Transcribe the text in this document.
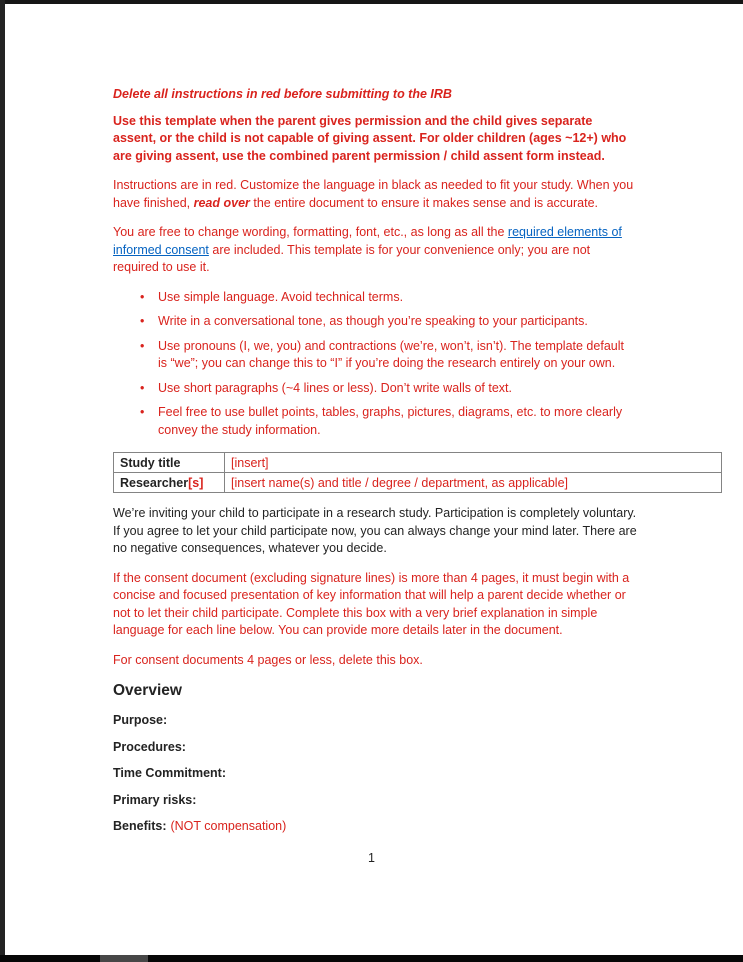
Delete all instructions in red before submitting to the IRB

Use this template when the parent gives permission and the child gives separate assent, or the child is not capable of giving assent. For older children (ages ~12+) who are giving assent, use the combined parent permission / child assent form instead.

Instructions are in red. Customize the language in black as needed to fit your study. When you have finished, read over the entire document to ensure it makes sense and is accurate.

You are free to change wording, formatting, font, etc., as long as all the required elements of informed consent are included. This template is for your convenience only; you are not required to use it.

• Use simple language. Avoid technical terms.
• Write in a conversational tone, as though you’re speaking to your participants.
• Use pronouns (I, we, you) and contractions (we’re, won’t, isn’t). The template default is “we”; you can change this to “I” if you’re doing the research entirely on your own.
• Use short paragraphs (~4 lines or less). Don’t write walls of text.
• Feel free to use bullet points, tables, graphs, pictures, diagrams, etc. to more clearly convey the study information.
Study title	[insert]
Researcher[s]	[insert name(s) and title / degree / department, as applicable]

We’re inviting your child to participate in a research study. Participation is completely voluntary. If you agree to let your child participate now, you can always change your mind later. There are no negative consequences, whatever you decide.

If the consent document (excluding signature lines) is more than 4 pages, it must begin with a concise and focused presentation of key information that will help a parent decide whether or not to let their child participate. Complete this box with a very brief explanation in simple language for each line below. You can provide more details later in the document.

For consent documents 4 pages or less, delete this box.

Overview

Purpose:

Procedures:

Time Commitment:

Primary risks:

Benefits: (NOT compensation)

1
